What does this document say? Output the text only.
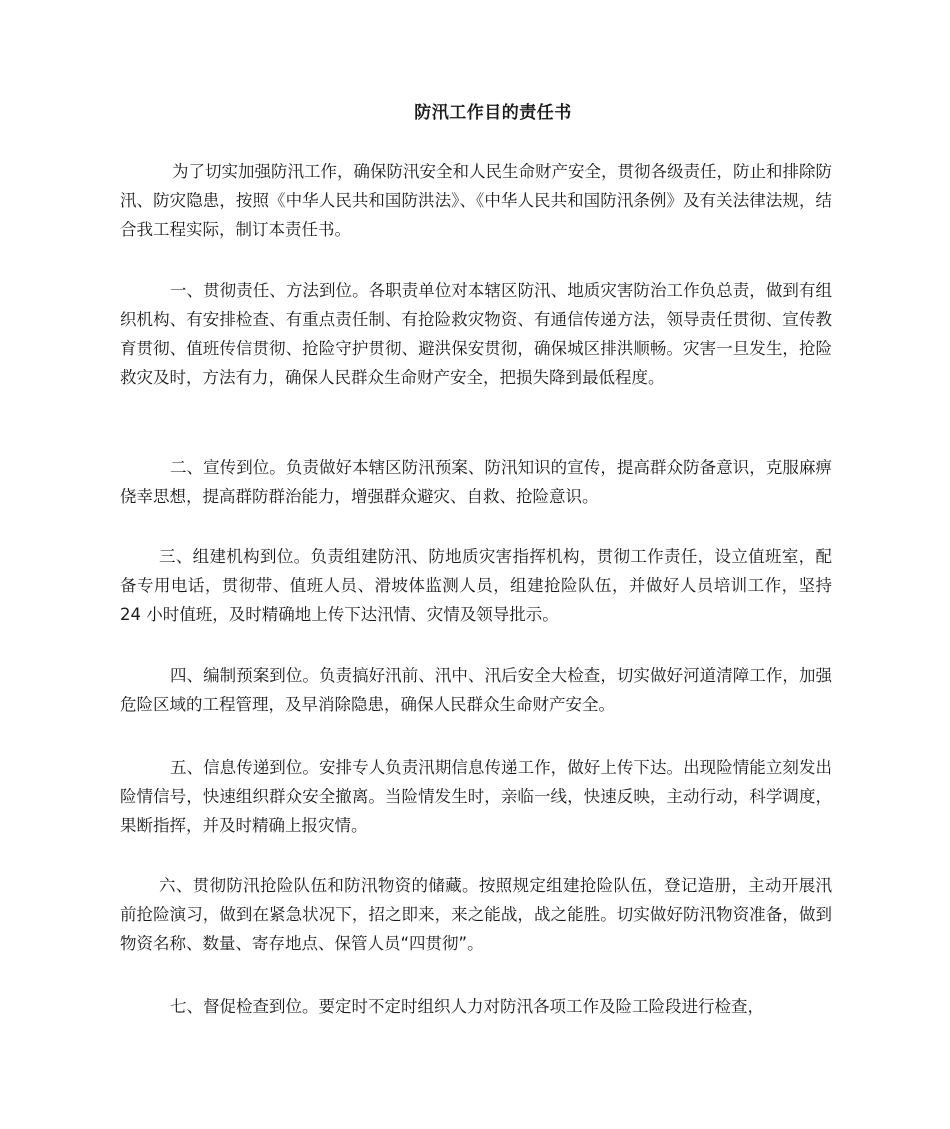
防汛工作目的责任书

为了切实加强防汛工作，确保防汛安全和人民生命财产安全，贯彻各级责任，防止和排除防汛、防灾隐患，按照《中华人民共和国防洪法》、《中华人民共和国防汛条例》及有关法律法规，结合我工程实际，制订本责任书。

一、贯彻责任、方法到位。各职责单位对本辖区防汛、地质灾害防治工作负总责，做到有组织机构、有安排检查、有重点责任制、有抢险救灾物资、有通信传递方法，领导责任贯彻、宣传教育贯彻、值班传信贯彻、抢险守护贯彻、避洪保安贯彻，确保城区排洪顺畅。灾害一旦发生，抢险救灾及时，方法有力，确保人民群众生命财产安全，把损失降到最低程度。

二、宣传到位。负责做好本辖区防汛预案、防汛知识的宣传，提高群众防备意识，克服麻痹侥幸思想，提高群防群治能力，增强群众避灾、自救、抢险意识。

三、组建机构到位。负责组建防汛、防地质灾害指挥机构，贯彻工作责任，设立值班室，配备专用电话，贯彻带、值班人员、滑坡体监测人员，组建抢险队伍，并做好人员培训工作，坚持 24 小时值班，及时精确地上传下达汛情、灾情及领导批示。

四、编制预案到位。负责搞好汛前、汛中、汛后安全大检查，切实做好河道清障工作，加强危险区域的工程管理，及早消除隐患，确保人民群众生命财产安全。

五、信息传递到位。安排专人负责汛期信息传递工作，做好上传下达。出现险情能立刻发出险情信号，快速组织群众安全撤离。当险情发生时，亲临一线，快速反映，主动行动，科学调度，果断指挥，并及时精确上报灾情。

六、贯彻防汛抢险队伍和防汛物资的储藏。按照规定组建抢险队伍，登记造册，主动开展汛前抢险演习，做到在紧急状况下，招之即来，来之能战，战之能胜。切实做好防汛物资准备，做到物资名称、数量、寄存地点、保管人员“四贯彻”。

七、督促检查到位。要定时不定时组织人力对防汛各项工作及险工险段进行检查，
